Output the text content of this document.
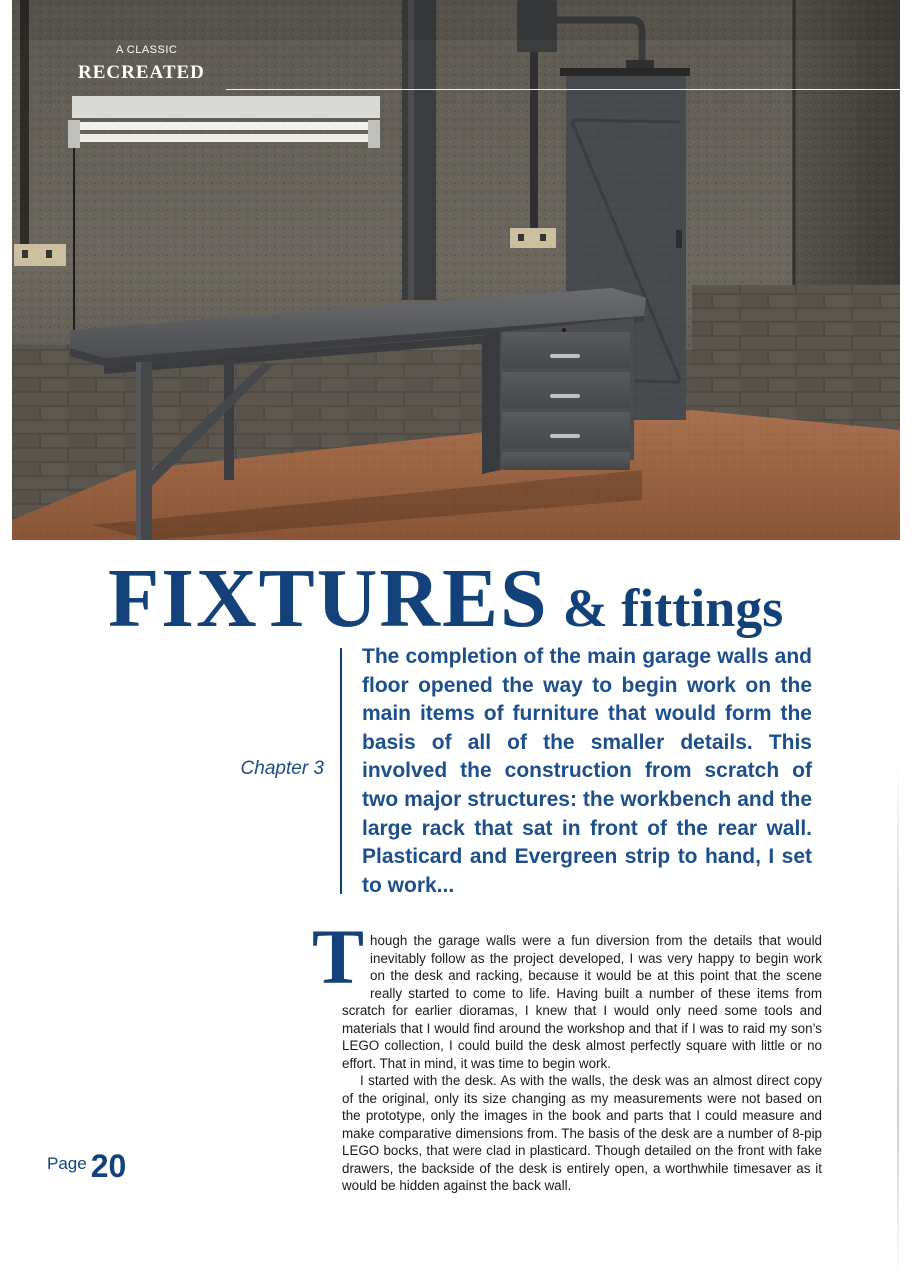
A CLASSIC
RECREATED
FIXTURES & fittings
Chapter 3

The completion of the main garage walls and floor opened the way to begin work on the main items of furniture that would form the basis of all of the smaller details. This involved the construction from scratch of two major structures: the workbench and the large rack that sat in front of the rear wall. Plasticard and Evergreen strip to hand, I set to work...

Though the garage walls were a fun diversion from the details that would inevitably follow as the project developed, I was very happy to begin work on the desk and racking, because it would be at this point that the scene really started to come to life. Having built a number of these items from scratch for earlier dioramas, I knew that I would only need some tools and materials that I would find around the workshop and that if I was to raid my son’s LEGO collection, I could build the desk almost perfectly square with little or no effort. That in mind, it was time to begin work.

I started with the desk. As with the walls, the desk was an almost direct copy of the original, only its size changing as my measurements were not based on the prototype, only the images in the book and parts that I could measure and make comparative dimensions from. The basis of the desk are a number of 8-pip LEGO bocks, that were clad in plasticard. Though detailed on the front with fake drawers, the backside of the desk is entirely open, a worthwhile timesaver as it would be hidden against the back wall.

Page 20
